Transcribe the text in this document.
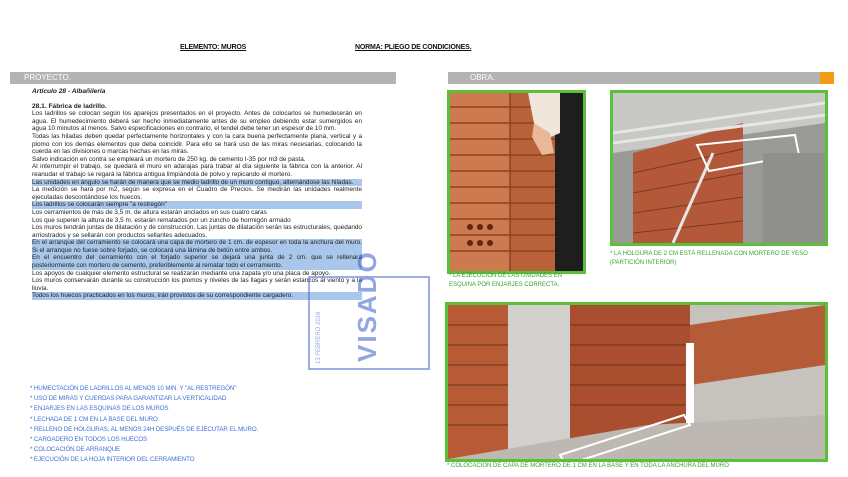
ELEMENTO: MUROS	NORMA: PLIEGO DE CONDICIONES.
PROYECTO.	OBRA.

Artículo 28 - Albañilería

28.1. Fábrica de ladrillo.

Los ladrillos se colocan según los aparejos presentados en el proyecto. Antes de colocarlos se humedecerán en agua. El humedecimiento deberá ser hecho inmediatamente antes de su empleo debiendo estar sumergidos en agua 10 minutos al menos. Salvo especificaciones en contrario, el tendel debe tener un espesor de 10 mm.

Todas las hiladas deben quedar perfectamente horizontales y con la cara buena perfectamente plana, vertical y a plomo con los demás elementos que deba coincidir. Para ello se hará uso de las miras necesarias, colocando la cuerda en las divisiones o marcas hechas en las miras.

Salvo indicación en contra se empleará un mortero de 250 kg. de cemento I-35 por m3 de pasta.

Al interrumpir el trabajo, se quedará el muro en adarajas para trabar al día siguiente la fábrica con la anterior. Al reanudar el trabajo se regará la fábrica antigua limpiándola de polvo y repicando el mortero.

Las unidades en ángulo se harán de manera que se medio ladrillo de un muro contiguo, alternándose las hiladas.

La medición se hará por m2, según se expresa en el Cuadro de Precios. Se medirán las unidades realmente ejecutadas descontándose los huecos.

Los ladrillos se colocarán siempre "a restregón"

Los cerramientos de más de 3,5 m. de altura estarán anclados en sus cuatro caras

Los que superen la altura de 3,5 m. estarán rematados por un zuncho de hormigón armado

Los muros tendrán juntas de dilatación y de construcción. Las juntas de dilatación serán las estructurales, quedando arriostrados y se sellarán con productos sellantes adecuados.

En el arranque del cerramiento se colocará una capa de mortero de 1 cm. de espesor en toda la anchura del muro. Si el arranque no fuese sobre forjado, se colocará una lámina de betún entre ambos.

En el encuentro del cerramiento con el forjado superior se dejará una junta de 2 cm. que se rellenará posteriormente con mortero de cemento, preferiblemente al rematar todo el cerramiento.

Los apoyos de cualquier elemento estructural se realizarán mediante una zapata y/o una placa de apoyo.

Los muros conservarán durante su construcción los plomos y niveles de las llagas y serán estancos al viento y a la lluvia.

Todos los huecos practicados en los muros, irán provistos de su correspondiente cargadero.

13 FEBRERO 2016 VISADO
* HUMECTACIÓN DE LADRILLOS AL MENOS 10 MIN. Y "AL RESTREGÓN"
* USO DE MIRAS Y CUERDAS PARA GARANTIZAR LA VERTICALIDAD
* ENJARJES EN LAS ESQUINAS DE LOS MUROS
* LECHADA DE 1 CM EN LA BASE DEL MURO
* RELLENO DE HOLGURAS, AL MENOS 24H DESPUÉS DE EJECUTAR EL MURO.
* CARGADERO EN TODOS LOS HUECOS
* COLOCACIÓN DE ARRANQUE
* EJECUCIÓN DE LA HOJA INTERIOR DEL CERRAMIENTO
* LA EJECUCIÓN DE LAS UNIDADES EN ESQUINA POR ENJARJES CORRECTA.
* LA HOLGURA DE 2 CM ESTÁ RELLENADA CON MORTERO DE YESO (PARTICIÓN INTERIOR)
* COLOCACIÓN DE CAPA DE MORTERO DE 1 CM EN LA BASE Y EN TODA LA ANCHURA DEL MURO
